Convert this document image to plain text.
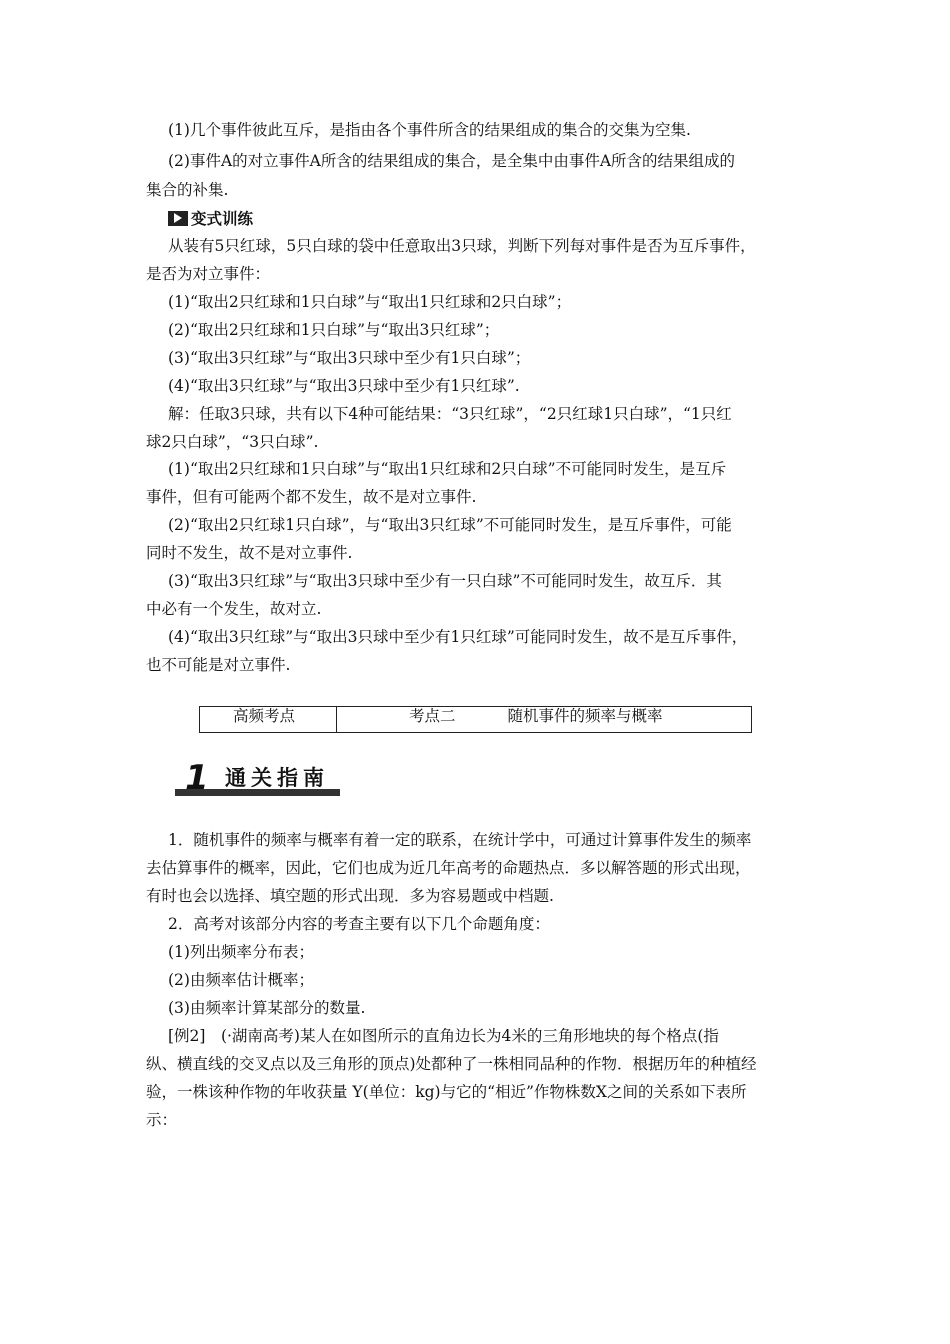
(1)几个事件彼此互斥，是指由各个事件所含的结果组成的集合的交集为空集.
(2)事件A的对立事件A所含的结果组成的集合，是全集中由事件A所含的结果组成的
集合的补集.
变式训练
从装有5只红球，5只白球的袋中任意取出3只球，判断下列每对事件是否为互斥事件，
是否为对立事件：
(1)“取出2只红球和1只白球”与“取出1只红球和2只白球”；
(2)“取出2只红球和1只白球”与“取出3只红球”；
(3)“取出3只红球”与“取出3只球中至少有1只白球”；
(4)“取出3只红球”与“取出3只球中至少有1只红球”.
解：任取3只球，共有以下4种可能结果：“3只红球”，“2只红球1只白球”，“1只红
球2只白球”，“3只白球”.
(1)“取出2只红球和1只白球”与“取出1只红球和2只白球”不可能同时发生，是互斥
事件，但有可能两个都不发生，故不是对立事件.
(2)“取出2只红球1只白球”，与“取出3只红球”不可能同时发生，是互斥事件，可能
同时不发生，故不是对立事件.
(3)“取出3只红球”与“取出3只球中至少有一只白球”不可能同时发生，故互斥．其
中必有一个发生，故对立.
(4)“取出3只红球”与“取出3只球中至少有1只红球”可能同时发生，故不是互斥事件，
也不可能是对立事件.
高频考点	考点二	随机事件的频率与概率
1 通关指南
1．随机事件的频率与概率有着一定的联系，在统计学中，可通过计算事件发生的频率
去估算事件的概率，因此，它们也成为近几年高考的命题热点．多以解答题的形式出现，
有时也会以选择、填空题的形式出现．多为容易题或中档题.
2．高考对该部分内容的考查主要有以下几个命题角度：
(1)列出频率分布表；
(2)由频率估计概率；
(3)由频率计算某部分的数量.
[例2]　(·湖南高考)某人在如图所示的直角边长为4米的三角形地块的每个格点(指
纵、横直线的交叉点以及三角形的顶点)处都种了一株相同品种的作物．根据历年的种植经
验，一株该种作物的年收获量 Y(单位：kg)与它的“相近”作物株数X之间的关系如下表所
示：
